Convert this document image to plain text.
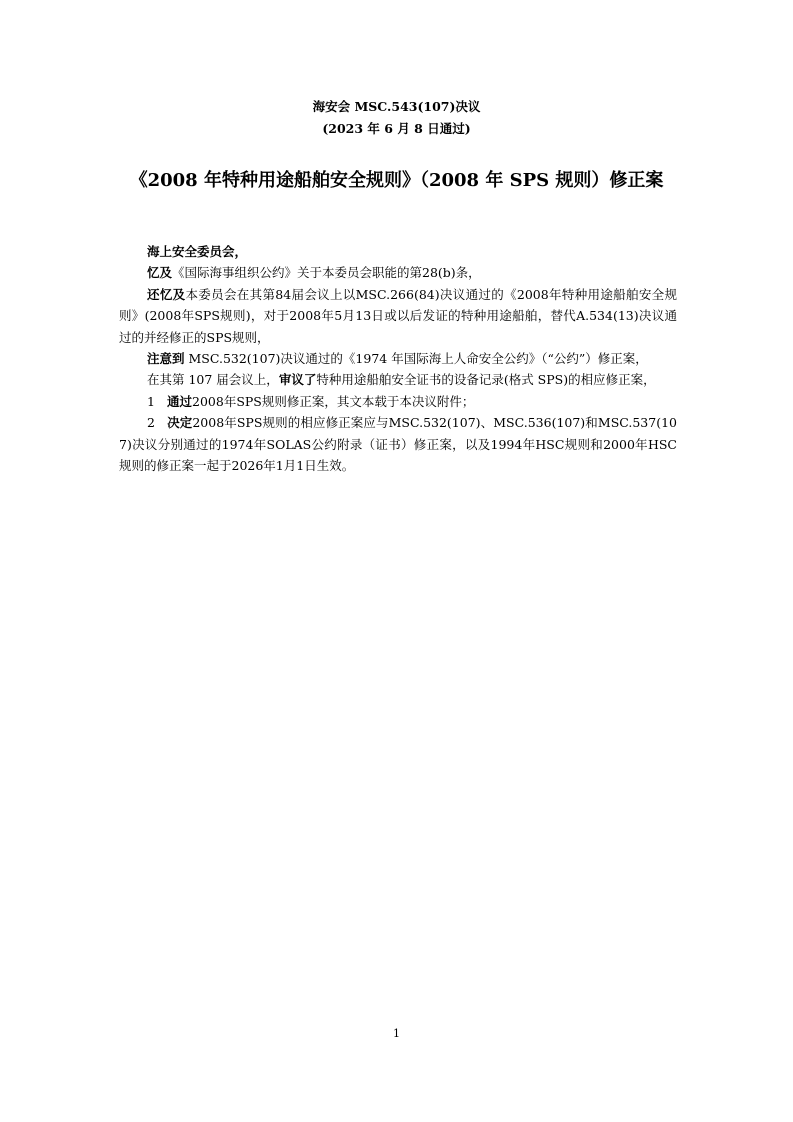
海安会 MSC.543(107)决议
(2023 年 6 月 8 日通过)
《2008 年特种用途船舶安全规则》（2008 年 SPS 规则）修正案

海上安全委员会，

忆及《国际海事组织公约》关于本委员会职能的第28(b)条，

还忆及本委员会在其第84届会议上以MSC.266(84)决议通过的《2008年特种用途船舶安全规则》(2008年SPS规则)，对于2008年5月13日或以后发证的特种用途船舶，替代A.534(13)决议通过的并经修正的SPS规则，

注意到 MSC.532(107)决议通过的《1974 年国际海上人命安全公约》（“公约”）修正案，

在其第 107 届会议上，审议了特种用途船舶安全证书的设备记录(格式 SPS)的相应修正案，

1 通过2008年SPS规则修正案，其文本载于本决议附件；

2 决定2008年SPS规则的相应修正案应与MSC.532(107)、MSC.536(107)和MSC.537(107)决议分别通过的1974年SOLAS公约附录（证书）修正案，以及1994年HSC规则和2000年HSC规则的修正案一起于2026年1月1日生效。

1
